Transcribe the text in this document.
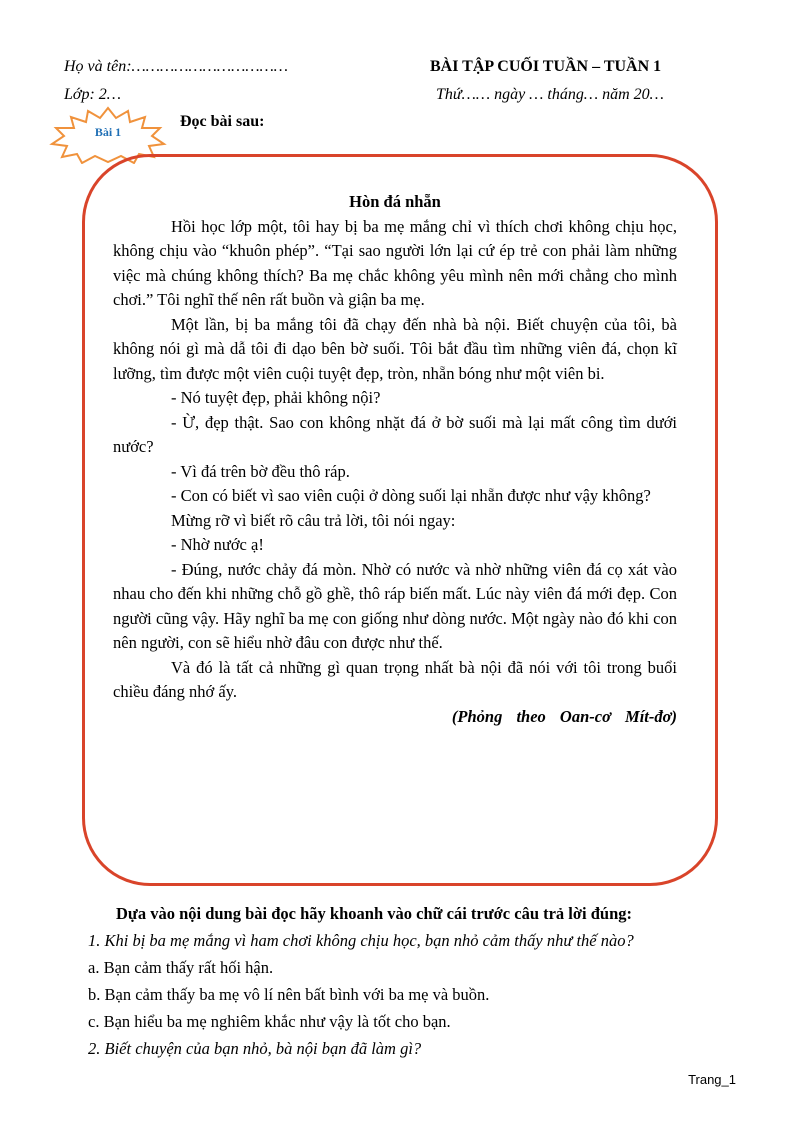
Họ và tên:……………………………
Lớp: 2…
BÀI TẬP CUỐI TUẦN – TUẦN 1
Thứ…… ngày … tháng… năm 20…
Bài 1
Đọc bài sau:
Hòn đá nhẵn

Hồi học lớp một, tôi hay bị ba mẹ mắng chỉ vì thích chơi không chịu học, không chịu vào “khuôn phép”. “Tại sao người lớn lại cứ ép trẻ con phải làm những việc mà chúng không thích? Ba mẹ chắc không yêu mình nên mới chẳng cho mình chơi.” Tôi nghĩ thế nên rất buồn và giận ba mẹ.

Một lần, bị ba mắng tôi đã chạy đến nhà bà nội. Biết chuyện của tôi, bà không nói gì mà dẫ tôi đi dạo bên bờ suối. Tôi bắt đầu tìm những viên đá, chọn kĩ lưỡng, tìm được một viên cuội tuyệt đẹp, tròn, nhẵn bóng như một viên bi.

- Nó tuyệt đẹp, phải không nội?

- Ừ, đẹp thật. Sao con không nhặt đá ở bờ suối mà lại mất công tìm dưới nước?

- Vì đá trên bờ đều thô ráp.

- Con có biết vì sao viên cuội ở dòng suối lại nhẵn được như vậy không?

Mừng rỡ vì biết rõ câu trả lời, tôi nói ngay:

- Nhờ nước ạ!

- Đúng, nước chảy đá mòn. Nhờ có nước và nhờ những viên đá cọ xát vào nhau cho đến khi những chỗ gồ ghề, thô ráp biến mất. Lúc này viên đá mới đẹp. Con người cũng vậy. Hãy nghĩ ba mẹ con giống như dòng nước. Một ngày nào đó khi con nên người, con sẽ hiểu nhờ đâu con được như thế.

Và đó là tất cả những gì quan trọng nhất bà nội đã nói với tôi trong buổi chiều đáng nhớ ấy.

(Phỏng theo Oan-cơ Mít-đơ)
Dựa vào nội dung bài đọc hãy khoanh vào chữ cái trước câu trả lời đúng:
1. Khi bị ba mẹ mắng vì ham chơi không chịu học, bạn nhỏ cảm thấy như thế nào?
a. Bạn cảm thấy rất hối hận.
b. Bạn cảm thấy ba mẹ vô lí nên bất bình với ba mẹ và buồn.
c. Bạn hiểu ba mẹ nghiêm khắc như vậy là tốt cho bạn.
2. Biết chuyện của bạn nhỏ, bà nội bạn đã làm gì?
Trang_1
